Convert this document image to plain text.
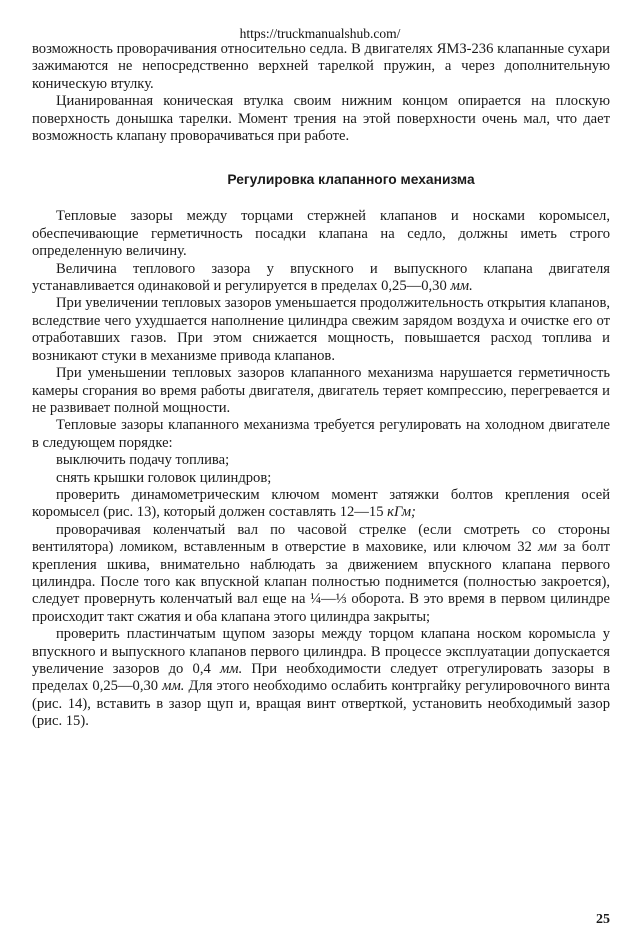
https://truckmanualshub.com/

возможность проворачивания относительно седла. В двигателях ЯМЗ-236 клапанные сухари зажимаются не непосредственно верхней тарелкой пружин, а через дополнительную коническую втулку.

Цианированная коническая втулка своим нижним концом опирается на плоскую поверхность донышка тарелки. Момент трения на этой поверхности очень мал, что дает возможность клапану проворачиваться при работе.

Регулировка клапанного механизма

Тепловые зазоры между торцами стержней клапанов и носками коромысел, обеспечивающие герметичность посадки клапана на седло, должны иметь строго определенную величину.

Величина теплового зазора у впускного и выпускного клапана двигателя устанавливается одинаковой и регулируется в пределах 0,25—0,30 мм.

При увеличении тепловых зазоров уменьшается продолжительность открытия клапанов, вследствие чего ухудшается наполнение цилиндра свежим зарядом воздуха и очистке его от отработавших газов. При этом снижается мощность, повышается расход топлива и возникают стуки в механизме привода клапанов.

При уменьшении тепловых зазоров клапанного механизма нарушается герметичность камеры сгорания во время работы двигателя, двигатель теряет компрессию, перегревается и не развивает полной мощности.

Тепловые зазоры клапанного механизма требуется регулировать на холодном двигателе в следующем порядке:

выключить подачу топлива;

снять крышки головок цилиндров;

проверить динамометрическим ключом момент затяжки болтов крепления осей коромысел (рис. 13), который должен составлять 12—15 кГм;

проворачивая коленчатый вал по часовой стрелке (если смотреть со стороны вентилятора) ломиком, вставленным в отверстие в маховике, или ключом 32 мм за болт крепления шкива, внимательно наблюдать за движением впускного клапана первого цилиндра. После того как впускной клапан полностью поднимется (полностью закроется), следует провернуть коленчатый вал еще на ¼—⅓ оборота. В это время в первом цилиндре происходит такт сжатия и оба клапана этого цилиндра закрыты;

проверить пластинчатым щупом зазоры между торцом клапана носком коромысла у впускного и выпускного клапанов первого цилиндра. В процессе эксплуатации допускается увеличение зазоров до 0,4 мм. При необходимости следует отрегулировать зазоры в пределах 0,25—0,30 мм. Для этого необходимо ослабить контргайку регулировочного винта (рис. 14), вставить в зазор щуп и, вращая винт отверткой, установить необходимый зазор (рис. 15).

25
